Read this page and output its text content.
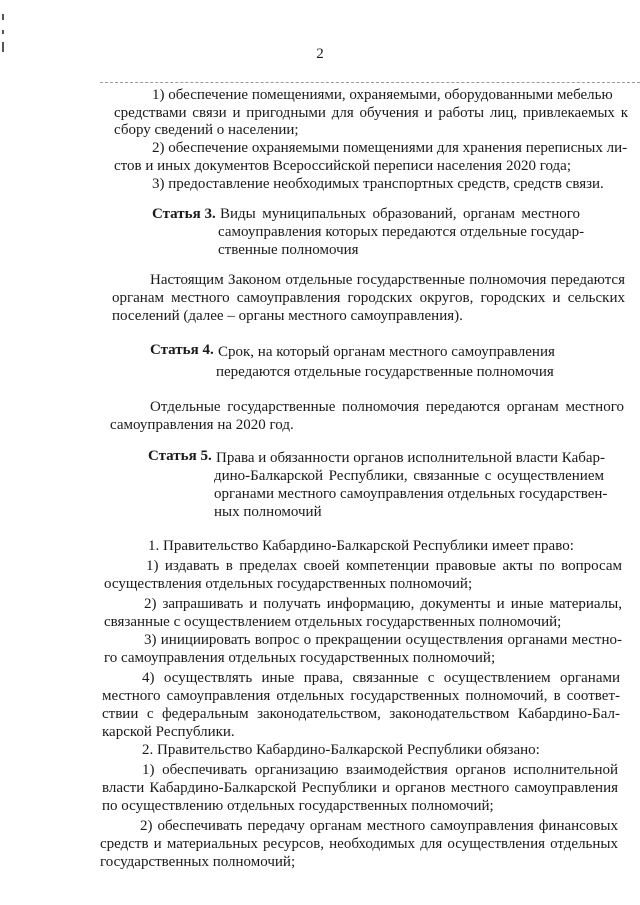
2
1) обеспечение помещениями, охраняемыми, оборудованными мебелью
средствами связи и пригодными для обучения и работы лиц, привлекаемых к
сбору сведений о населении;
2) обеспечение охраняемыми помещениями для хранения переписных ли-
стов и иных документов Всероссийской переписи населения 2020 года;
3) предоставление необходимых транспортных средств, средств связи.
Статья 3. Виды муниципальных образований, органам местного
самоуправления которых передаются отдельные государ-
ственные полномочия
Настоящим Законом отдельные государственные полномочия передаются
органам местного самоуправления городских округов, городских и сельских
поселений (далее – органы местного самоуправления).
Статья 4. Срок, на который органам местного самоуправления
передаются отдельные государственные полномочия
Отдельные государственные полномочия передаются органам местного
самоуправления на 2020 год.
Статья 5. Права и обязанности органов исполнительной власти Кабар-
дино-Балкарской Республики, связанные с осуществлением
органами местного самоуправления отдельных государствен-
ных полномочий
1. Правительство Кабардино-Балкарской Республики имеет право:
1) издавать в пределах своей компетенции правовые акты по вопросам
осуществления отдельных государственных полномочий;
2) запрашивать и получать информацию, документы и иные материалы,
связанные с осуществлением отдельных государственных полномочий;
3) инициировать вопрос о прекращении осуществления органами местно-
го самоуправления отдельных государственных полномочий;
4) осуществлять иные права, связанные с осуществлением органами
местного самоуправления отдельных государственных полномочий, в соответ-
ствии с федеральным законодательством, законодательством Кабардино-Бал-
карской Республики.
2. Правительство Кабардино-Балкарской Республики обязано:
1) обеспечивать организацию взаимодействия органов исполнительной
власти Кабардино-Балкарской Республики и органов местного самоуправления
по осуществлению отдельных государственных полномочий;
2) обеспечивать передачу органам местного самоуправления финансовых
средств и материальных ресурсов, необходимых для осуществления отдельных
государственных полномочий;
